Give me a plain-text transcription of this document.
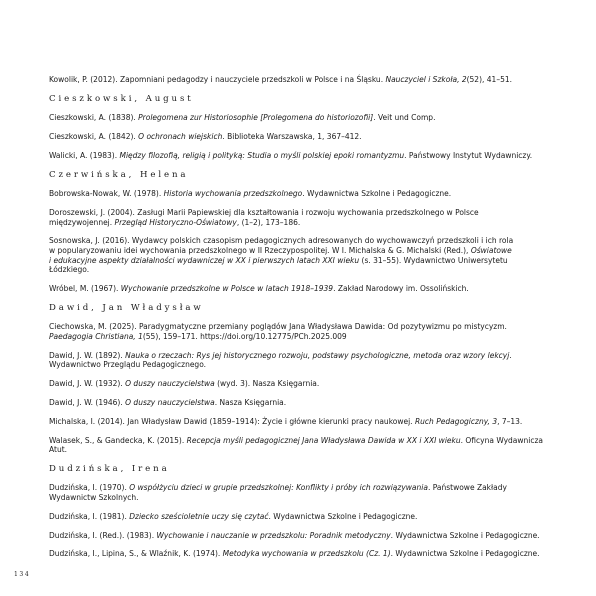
Kowolik, P. (2012). Zapomniani pedagodzy i nauczyciele przedszkoli w Polsce i na Śląsku. Nauczyciel i Szkoła, 2(52), 41–51.
Cieszkowski, August
Cieszkowski, A. (1838). Prolegomena zur Historiosophie [Prolegomena do historiozofii]. Veit und Comp.
Cieszkowski, A. (1842). O ochronach wiejskich. Biblioteka Warszawska, 1, 367–412.
Walicki, A. (1983). Między filozofią, religią i polityką: Studia o myśli polskiej epoki romantyzmu. Państwowy Instytut Wydawniczy.
Czerwińska, Helena
Bobrowska-Nowak, W. (1978). Historia wychowania przedszkolnego. Wydawnictwa Szkolne i Pedagogiczne.
Doroszewski, J. (2004). Zasługi Marii Papiewskiej dla kształtowania i rozwoju wychowania przedszkolnego w Polsce
międzywojennej. Przegląd Historyczno-Oświatowy, (1–2), 173–186.
Sosnowska, J. (2016). Wydawcy polskich czasopism pedagogicznych adresowanych do wychowawczyń przedszkoli i ich rola
w popularyzowaniu idei wychowania przedszkolnego w II Rzeczypospolitej. W I. Michalska & G. Michalski (Red.), Oświatowe
i edukacyjne aspekty działalności wydawniczej w XX i pierwszych latach XXI wieku (s. 31–55). Wydawnictwo Uniwersytetu Łódzkiego.
Wróbel, M. (1967). Wychowanie przedszkolne w Polsce w latach 1918–1939. Zakład Narodowy im. Ossolińskich.
Dawid, Jan Władysław
Ciechowska, M. (2025). Paradygmatyczne przemiany poglądów Jana Władysława Dawida: Od pozytywizmu po mistycyzm.
Paedagogia Christiana, 1(55), 159–171. https://doi.org/10.12775/PCh.2025.009
Dawid, J. W. (1892). Nauka o rzeczach: Rys jej historycznego rozwoju, podstawy psychologiczne, metoda oraz wzory lekcyj.
Wydawnictwo Przeglądu Pedagogicznego.
Dawid, J. W. (1932). O duszy nauczycielstwa (wyd. 3). Nasza Księgarnia.
Dawid, J. W. (1946). O duszy nauczycielstwa. Nasza Księgarnia.
Michalska, I. (2014). Jan Władysław Dawid (1859–1914): Życie i główne kierunki pracy naukowej. Ruch Pedagogiczny, 3, 7–13.
Walasek, S., & Gandecka, K. (2015). Recepcja myśli pedagogicznej Jana Władysława Dawida w XX i XXI wieku. Oficyna Wydawnicza
Atut.
Dudzińska, Irena
Dudzińska, I. (1970). O współżyciu dzieci w grupie przedszkolnej: Konflikty i próby ich rozwiązywania. Państwowe Zakłady
Wydawnictw Szkolnych.
Dudzińska, I. (1981). Dziecko sześcioletnie uczy się czytać. Wydawnictwa Szkolne i Pedagogiczne.
Dudzińska, I. (Red.). (1983). Wychowanie i nauczanie w przedszkolu: Poradnik metodyczny. Wydawnictwa Szkolne i Pedagogiczne.
Dudzińska, I., Lipina, S., & Wlaźnik, K. (1974). Metodyka wychowania w przedszkolu (Cz. 1). Wydawnictwa Szkolne i Pedagogiczne.
134
